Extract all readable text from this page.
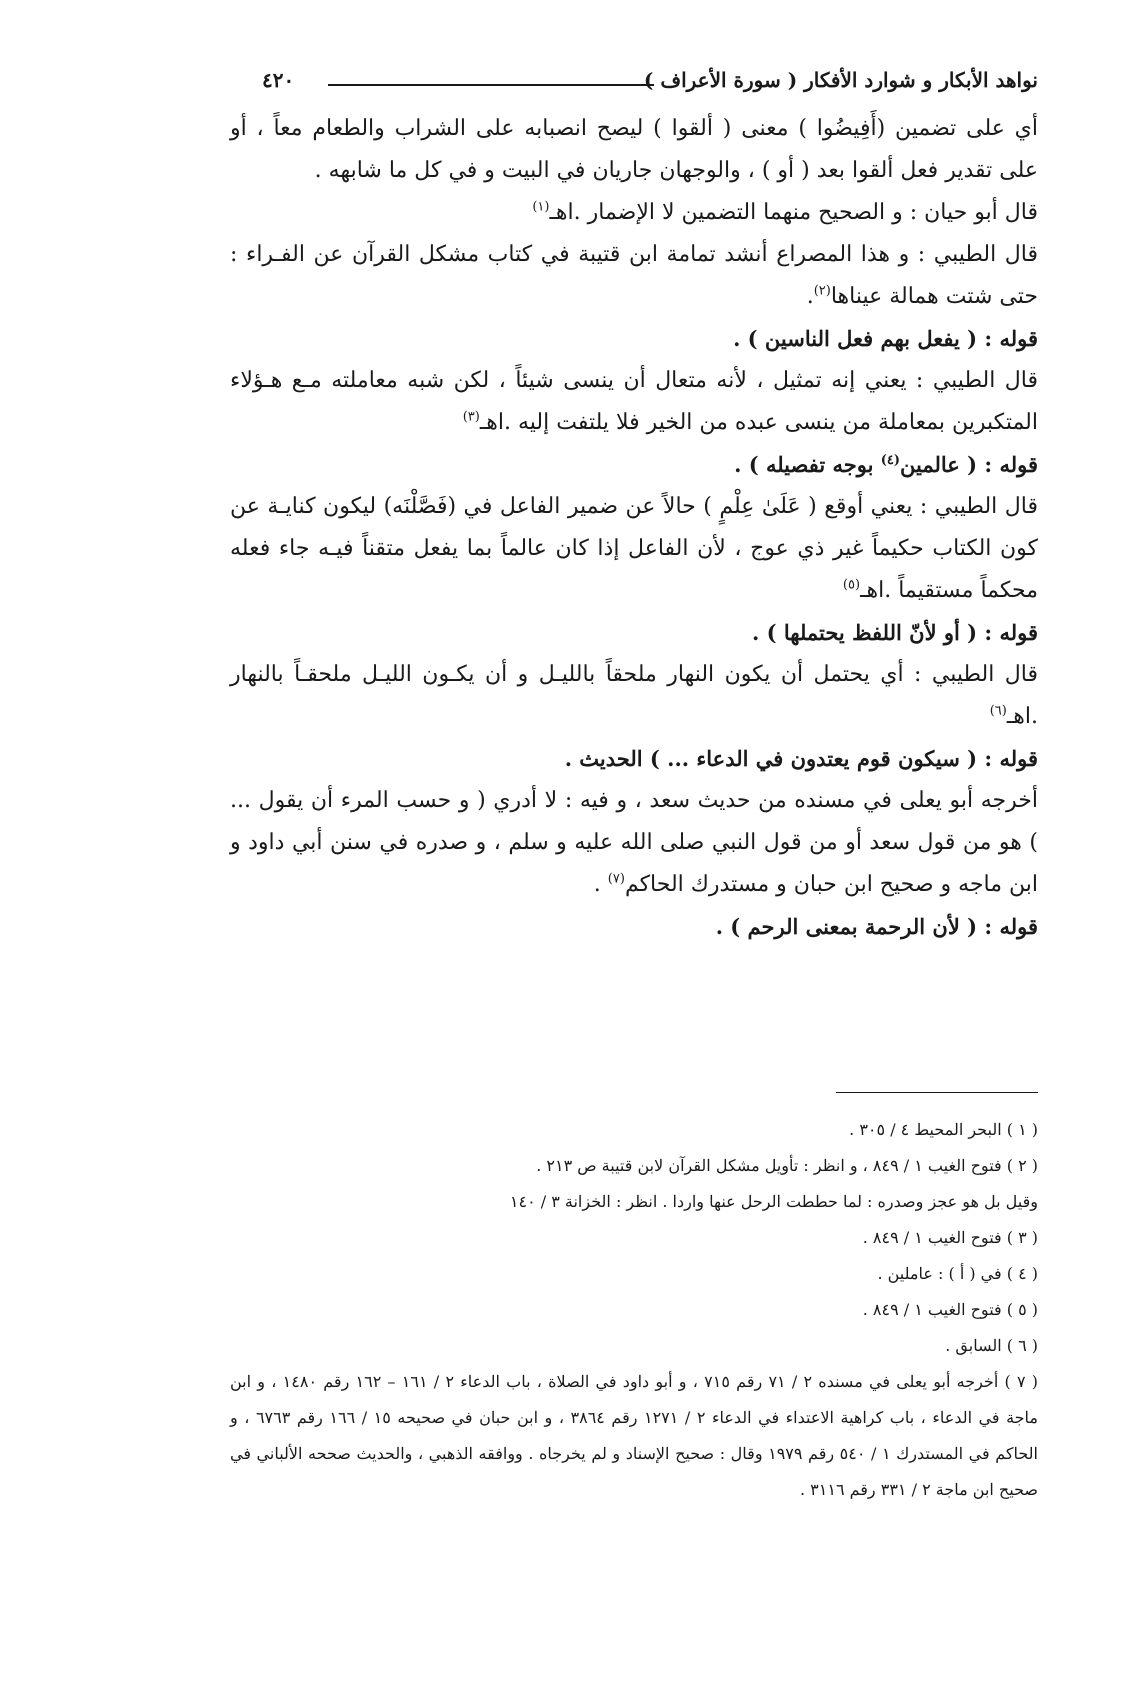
نواهد الأبكار و شوارد الأفكار ( سورة الأعراف )
٤٢٠

أي على تضمين (أَفِيضُوا ) معنى ( ألقوا ) ليصح انصبابه على الشراب والطعام معاً ، أو على تقدير فعل ألقوا بعد ( أو ) ، والوجهان جاريان في البيت و في كل ما شابهه .

قال أبو حيان : و الصحيح منهما التضمين لا الإضمار .اهـ$^{(١)}$

قال الطيبي : و هذا المصراع أنشد تمامة ابن قتيبة في كتاب مشكل القرآن عن الفـراء : حتى شتت همالة عيناها$^{(٢)}$.

قوله : ( يفعل بهم فعل الناسين ) .

قال الطيبي : يعني إنه تمثيل ، لأنه متعال أن ينسى شيئاً ، لكن شبه معاملته مـع هـؤلاء المتكبرين بمعاملة من ينسى عبده من الخير فلا يلتفت إليه .اهـ$^{(٣)}$

قوله : ( عالمين$^{(٤)}$ بوجه تفصيله ) .

قال الطيبي : يعني أوقع ( عَلَىٰ عِلْمٍ ) حالاً عن ضمير الفاعل في (فَصَّلْنَه) ليكون كنايـة عن كون الكتاب حكيماً غير ذي عوج ، لأن الفاعل إذا كان عالماً بما يفعل متقناً فيـه جاء فعله محكماً مستقيماً .اهـ$^{(٥)}$

قوله : ( أو لأنّ اللفظ يحتملها ) .

قال الطيبي : أي يحتمل أن يكون النهار ملحقاً بالليـل و أن يكـون الليـل ملحقـاً بالنهار .اهـ$^{(٦)}$

قوله : ( سيكون قوم يعتدون في الدعاء ... ) الحديث .

أخرجه أبو يعلى في مسنده من حديث سعد ، و فيه : لا أدري ( و حسب المرء أن يقول ... ) هو من قول سعد أو من قول النبي صلى الله عليه و سلم ، و صدره في سنن أبي داود و ابن ماجه و صحيح ابن حبان و مستدرك الحاكم$^{(٧)}$ .

قوله : ( لأن الرحمة بمعنى الرحم ) .

( ١ ) البحر المحيط ٤ / ٣٠٥ .

( ٢ ) فتوح الغيب ١ / ٨٤٩ ، و انظر : تأويل مشكل القرآن لابن قتيبة ص ٢١٣ .

وقيل بل هو عجز وصدره : لما حططت الرحل عنها واردا . انظر : الخزانة ٣ / ١٤٠

( ٣ ) فتوح الغيب ١ / ٨٤٩ .

( ٤ ) في ( أ ) : عاملين .

( ٥ ) فتوح الغيب ١ / ٨٤٩ .

( ٦ ) السابق .

( ٧ ) أخرجه أبو يعلى في مسنده ٢ / ٧١ رقم ٧١٥ ، و أبو داود في الصلاة ، باب الدعاء ٢ / ١٦١ – ١٦٢ رقم ١٤٨٠ ، و ابن ماجة في الدعاء ، باب كراهية الاعتداء في الدعاء ٢ / ١٢٧١ رقم ٣٨٦٤ ، و ابن حبان في صحيحه ١٥ / ١٦٦ رقم ٦٧٦٣ ، و الحاكم في المستدرك ١ / ٥٤٠ رقم ١٩٧٩ وقال : صحيح الإسناد و لم يخرجاه . ووافقه الذهبي ، والحديث صححه الألباني في صحيح ابن ماجة ٢ / ٣٣١ رقم ٣١١٦ .
